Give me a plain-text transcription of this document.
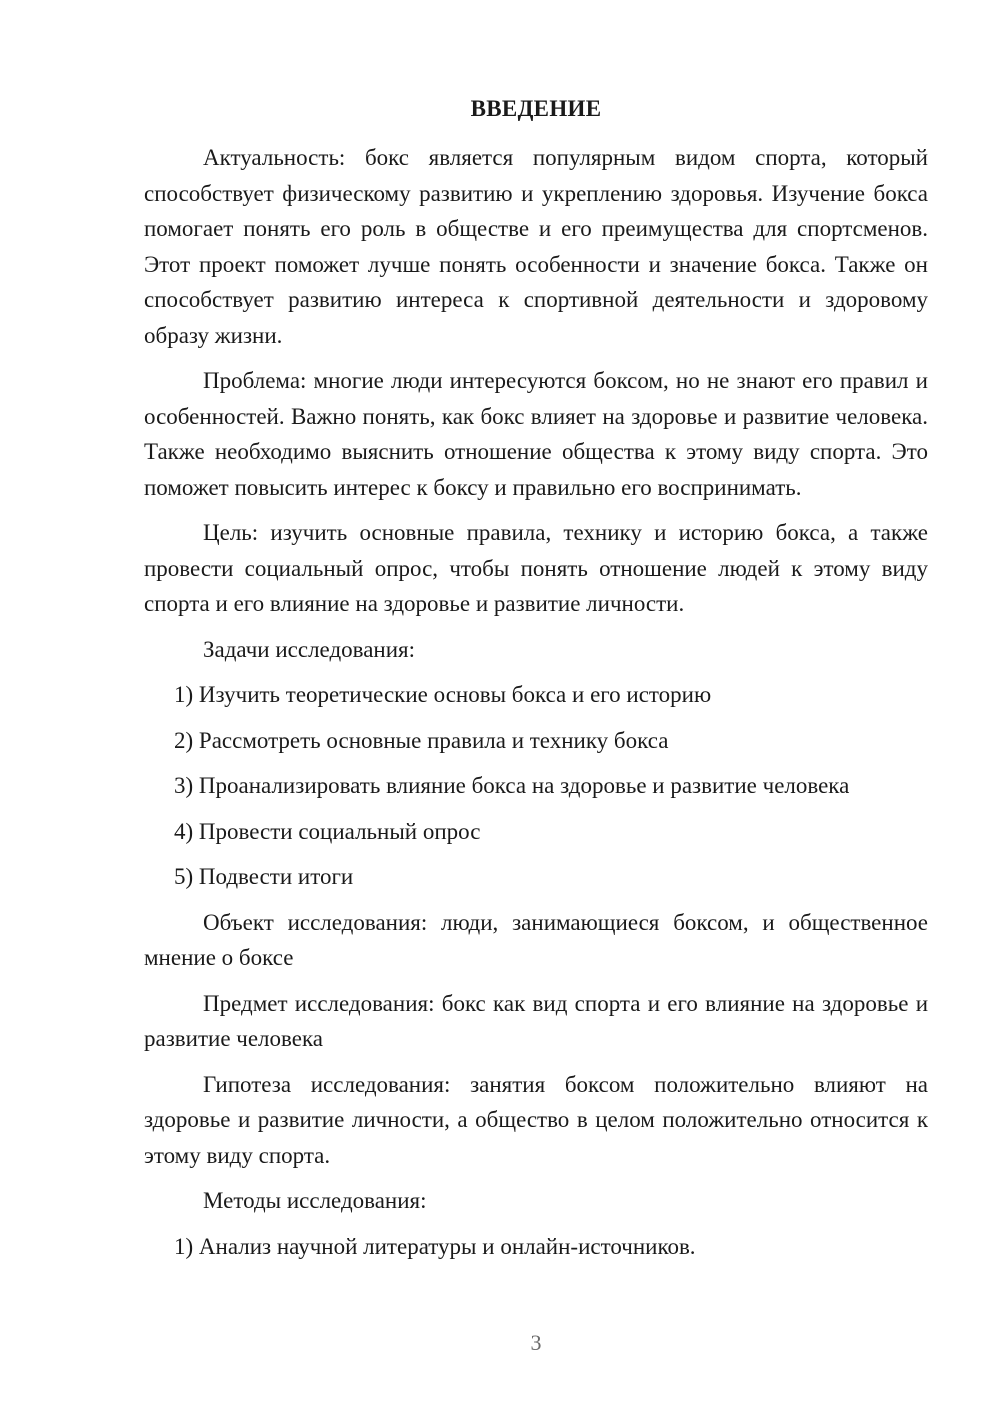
ВВЕДЕНИЕ

Актуальность: бокс является популярным видом спорта, который способствует физическому развитию и укреплению здоровья. Изучение бокса помогает понять его роль в обществе и его преимущества для спортсменов. Этот проект поможет лучше понять особенности и значение бокса. Также он способствует развитию интереса к спортивной деятельности и здоровому образу жизни.

Проблема: многие люди интересуются боксом, но не знают его правил и особенностей. Важно понять, как бокс влияет на здоровье и развитие человека. Также необходимо выяснить отношение общества к этому виду спорта. Это поможет повысить интерес к боксу и правильно его воспринимать.

Цель: изучить основные правила, технику и историю бокса, а также провести социальный опрос, чтобы понять отношение людей к этому виду спорта и его влияние на здоровье и развитие личности.

Задачи исследования:

1) Изучить теоретические основы бокса и его историю

2) Рассмотреть основные правила и технику бокса

3) Проанализировать влияние бокса на здоровье и развитие человека

4) Провести социальный опрос

5) Подвести итоги

Объект исследования: люди, занимающиеся боксом, и общественное мнение о боксе

Предмет исследования: бокс как вид спорта и его влияние на здоровье и развитие человека

Гипотеза исследования: занятия боксом положительно влияют на здоровье и развитие личности, а общество в целом положительно относится к этому виду спорта.

Методы исследования:

1) Анализ научной литературы и онлайн-источников.

3
